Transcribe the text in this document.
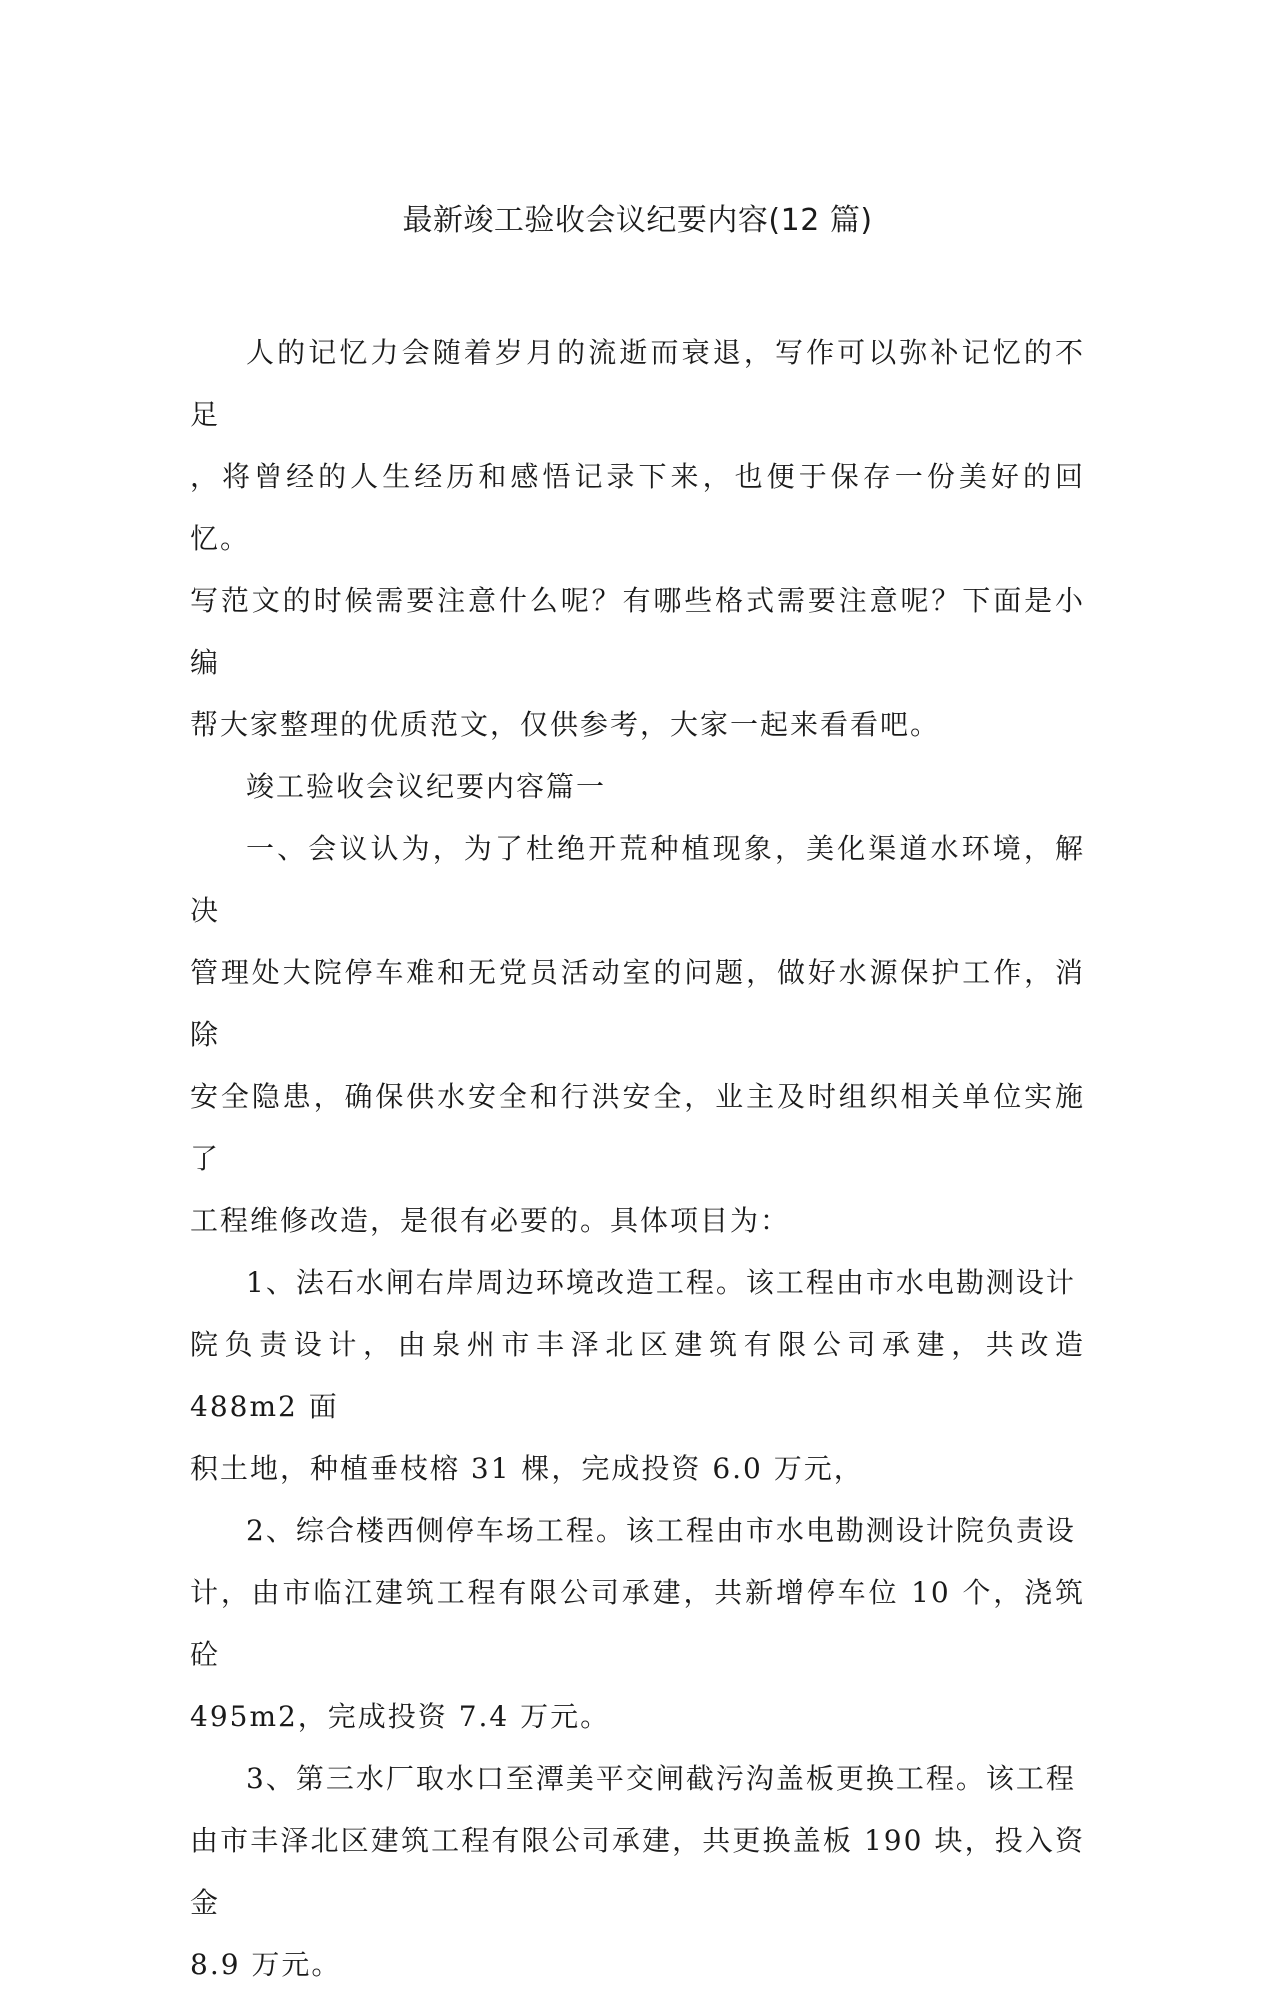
最新竣工验收会议纪要内容(12 篇)

人的记忆力会随着岁月的流逝而衰退，写作可以弥补记忆的不足
，将曾经的人生经历和感悟记录下来，也便于保存一份美好的回忆。
写范文的时候需要注意什么呢？有哪些格式需要注意呢？下面是小编
帮大家整理的优质范文，仅供参考，大家一起来看看吧。

竣工验收会议纪要内容篇一

一、会议认为，为了杜绝开荒种植现象，美化渠道水环境，解决
管理处大院停车难和无党员活动室的问题，做好水源保护工作，消除
安全隐患，确保供水安全和行洪安全，业主及时组织相关单位实施了
工程维修改造，是很有必要的。具体项目为：

1、法石水闸右岸周边环境改造工程。该工程由市水电勘测设计
院负责设计，由泉州市丰泽北区建筑有限公司承建，共改造 488m2 面
积土地，种植垂枝榕 31 棵，完成投资 6.0 万元，

2、综合楼西侧停车场工程。该工程由市水电勘测设计院负责设
计，由市临江建筑工程有限公司承建，共新增停车位 10 个，浇筑砼
495m2，完成投资 7.4 万元。

3、第三水厂取水口至潭美平交闸截污沟盖板更换工程。该工程
由市丰泽北区建筑工程有限公司承建，共更换盖板 190 块，投入资金
8.9 万元。
